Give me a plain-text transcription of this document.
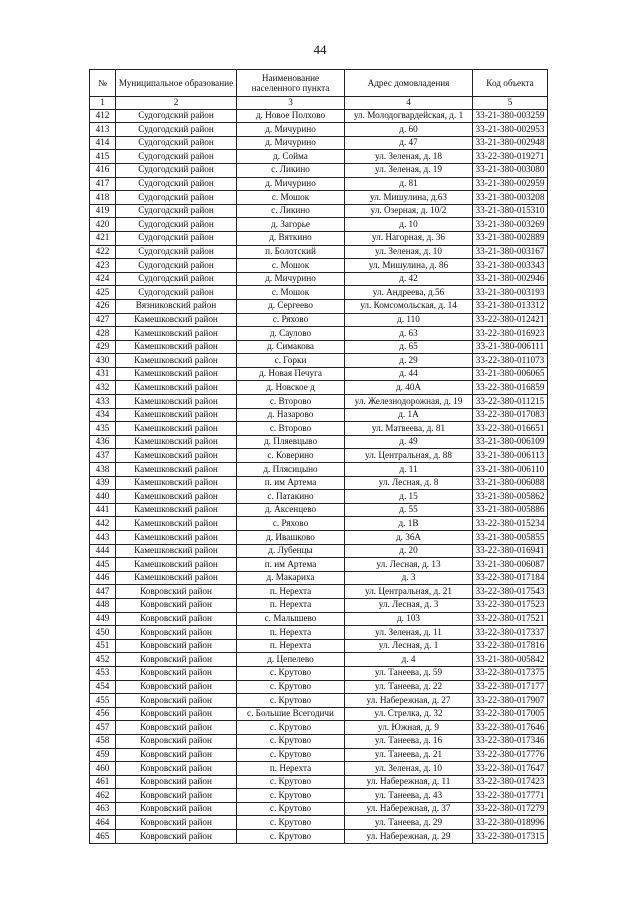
44
№	Муниципальное образование	Наименование населенного пункта	Адрес домовладения	Код объекта
1	2	3	4	5
412	Судогодский район	д. Новое Полхово	ул. Молодогвардейская, д. 1	33-21-380-003259
413	Судогодский район	д. Мичурино	д. 60	33-21-380-002953
414	Судогодский район	д. Мичурино	д. 47	33-21-380-002948
415	Судогодский район	д. Сойма	ул. Зеленая, д. 18	33-22-380-019271
416	Судогодский район	с. Ликино	ул. Зеленая, д. 19	33-21-380-003080
417	Судогодский район	д. Мичурино	д. 81	33-21-380-002959
418	Судогодский район	с. Мошок	ул. Мишулина, д.63	33-21-380-003208
419	Судогодский район	с. Ликино	ул. Озерная, д. 10/2	33-21-380-015310
420	Судогодский район	д. Загорье	д. 10	33-21-380-003269
421	Судогодский район	д. Вяткино	ул. Нагорная, д. 36	33-21-380-002889
422	Судогодский район	п. Болотский	ул. Зеленая, д. 10	33-21-380-003167
423	Судогодский район	с. Мошок	ул. Мишулина, д. 86	33-21-380-003343
424	Судогодский район	д. Мичурино	д. 42	33-21-380-002946
425	Судогодский район	с. Мошок	ул. Андреева, д.56	33-21-380-003193
426	Вязниковский район	д. Сергеево	ул. Комсомольская, д. 14	33-21-380-013312
427	Камешковский район	с. Ряхово	д. 110	33-22-380-012421
428	Камешковский район	д. Саулово	д. 63	33-22-380-016923
429	Камешковский район	д. Симакова	д. 65	33-21-380-006111
430	Камешковский район	с. Горки	д. 29	33-22-380-011073
431	Камешковский район	д. Новая Печуга	д. 44	33-21-380-006065
432	Камешковский район	д. Новское д	д. 40А	33-22-380-016859
433	Камешковский район	с. Второво	ул. Железнодорожная, д. 19	33-22-380-011215
434	Камешковский район	д. Назарово	д. 1А	33-22-380-017083
435	Камешковский район	с. Второво	ул. Матвеева, д. 81	33-22-380-016651
436	Камешковский район	д. Пляевцыво	д. 49	33-21-380-006109
437	Камешковский район	с. Коверино	ул. Центральная, д. 88	33-21-380-006113
438	Камешковский район	д. Плясицыно	д. 11	33-21-380-006110
439	Камешковский район	п. им Артема	ул. Лесная, д. 8	33-21-380-006088
440	Камешковский район	с. Патакино	д. 15	33-21-380-005862
441	Камешковский район	д. Аксенцево	д. 55	33-21-380-005886
442	Камешковский район	с. Ряхово	д. 1В	33-22-380-015234
443	Камешковский район	д. Ивашково	д. 36А	33-21-380-005855
444	Камешковский район	д. Лубенцы	д. 20	33-22-380-016941
445	Камешковский район	п. им Артема	ул. Лесная, д. 13	33-21-380-006087
446	Камешковский район	д. Макариха	д. 3	33-22-380-017184
447	Ковровский район	п. Нерехта	ул. Центральная, д. 21	33-22-380-017543
448	Ковровский район	п. Нерехта	ул. Лесная, д. 3	33-22-380-017523
449	Ковровский район	с. Малышево	д. 103	33-22-380-017521
450	Ковровский район	п. Нерехта	ул. Зеленая, д. 11	33-22-380-017337
451	Ковровский район	п. Нерехта	ул. Лесная, д. 1	33-22-380-017816
452	Ковровский район	д. Цепелево	д. 4	33-21-380-005842
453	Ковровский район	с. Крутово	ул. Танеева, д. 59	33-22-380-017375
454	Ковровский район	с. Крутово	ул. Танеева, д. 22	33-22-380-017177
455	Ковровский район	с. Крутово	ул. Набережная, д. 27	33-22-380-017907
456	Ковровский район	с. Большие Всегодичи	ул. Стрелка, д. 32	33-22-380-017005
457	Ковровский район	с. Крутово	ул. Южная, д. 9	33-22-380-017646
458	Ковровский район	с. Крутово	ул. Танеева, д. 16	33-22-380-017346
459	Ковровский район	с. Крутово	ул. Танеева, д. 21	33-22-380-017776
460	Ковровский район	п. Нерехта	ул. Зеленая, д. 10	33-22-380-017647
461	Ковровский район	с. Крутово	ул. Набережная, д. 11	33-22-380-017423
462	Ковровский район	с. Крутово	ул. Танеева, д. 43	33-22-380-017771
463	Ковровский район	с. Крутово	ул. Набережная, д. 37	33-22-380-017279
464	Ковровский район	с. Крутово	ул. Танеева, д. 29	33-22-380-018996
465	Ковровский район	с. Крутово	ул. Набережная, д. 29	33-22-380-017315
